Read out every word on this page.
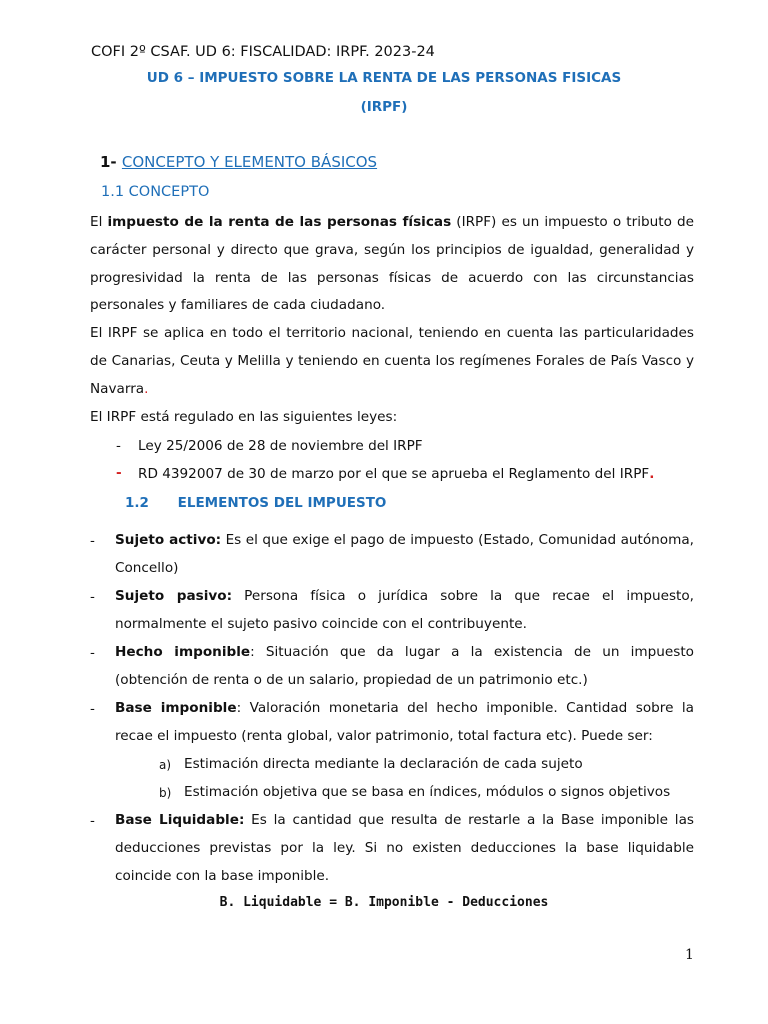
COFI 2º CSAF. UD 6: FISCALIDAD: IRPF. 2023-24
UD 6 – IMPUESTO SOBRE LA RENTA DE LAS PERSONAS FISICAS
(IRPF)
1- CONCEPTO Y ELEMENTO BÁSICOS
1.1 CONCEPTO
El impuesto de la renta de las personas físicas (IRPF) es un impuesto o tributo de carácter personal y directo que grava, según los principios de igualdad, generalidad y progresividad la renta de las personas físicas de acuerdo con las circunstancias personales y familiares de cada ciudadano.
El IRPF se aplica en todo el territorio nacional, teniendo en cuenta las particularidades de Canarias, Ceuta y Melilla y teniendo en cuenta los regímenes Forales de País Vasco y Navarra.
El IRPF está regulado en las siguientes leyes:
- Ley 25/2006 de 28 de noviembre del IRPF
- RD 4392007 de 30 de marzo por el que se aprueba el Reglamento del IRPF.
1.2 ELEMENTOS DEL IMPUESTO
- Sujeto activo: Es el que exige el pago de impuesto (Estado, Comunidad autónoma, Concello)
- Sujeto pasivo: Persona física o jurídica sobre la que recae el impuesto, normalmente el sujeto pasivo coincide con el contribuyente.
- Hecho imponible: Situación que da lugar a la existencia de un impuesto (obtención de renta o de un salario, propiedad de un patrimonio etc.)
- Base imponible: Valoración monetaria del hecho imponible. Cantidad sobre la recae el impuesto (renta global, valor patrimonio, total factura etc). Puede ser:
a) Estimación directa mediante la declaración de cada sujeto
b) Estimación objetiva que se basa en índices, módulos o signos objetivos
- Base Liquidable: Es la cantidad que resulta de restarle a la Base imponible las deducciones previstas por la ley. Si no existen deducciones la base liquidable coincide con la base imponible.
B. Liquidable = B. Imponible - Deducciones
1
